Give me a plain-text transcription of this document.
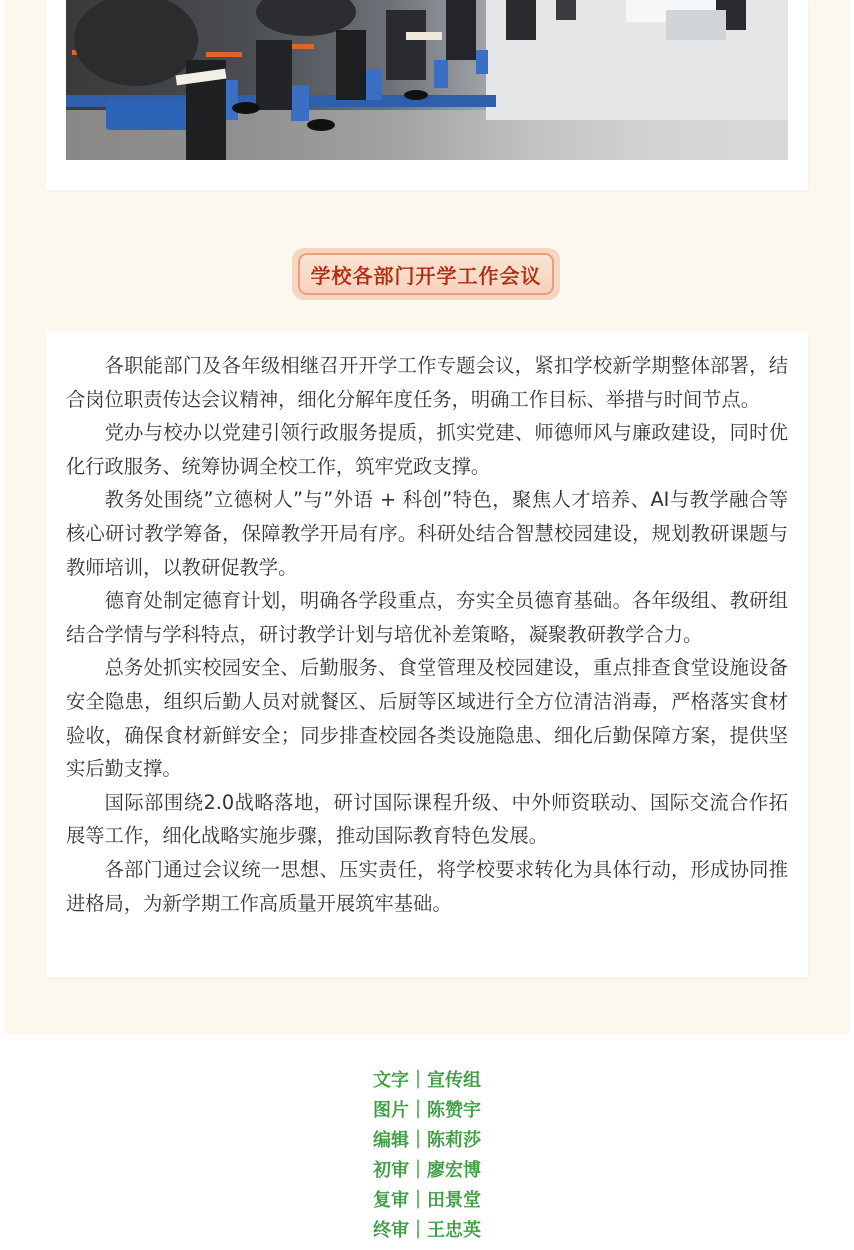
学校各部门开学工作会议

各职能部门及各年级相继召开开学工作专题会议，紧扣学校新学期整体部署，结合岗位职责传达会议精神，细化分解年度任务，明确工作目标、举措与时间节点。

党办与校办以党建引领行政服务提质，抓实党建、师德师风与廉政建设，同时优化行政服务、统筹协调全校工作，筑牢党政支撑。

教务处围绕”立德树人”与”外语 + 科创”特色，聚焦人才培养、AI与教学融合等核心研讨教学筹备，保障教学开局有序。科研处结合智慧校园建设，规划教研课题与教师培训，以教研促教学。

德育处制定德育计划，明确各学段重点，夯实全员德育基础。各年级组、教研组结合学情与学科特点，研讨教学计划与培优补差策略，凝聚教研教学合力。

总务处抓实校园安全、后勤服务、食堂管理及校园建设，重点排查食堂设施设备安全隐患，组织后勤人员对就餐区、后厨等区域进行全方位清洁消毒，严格落实食材验收，确保食材新鲜安全；同步排查校园各类设施隐患、细化后勤保障方案，提供坚实后勤支撑。

国际部围绕2.0战略落地，研讨国际课程升级、中外师资联动、国际交流合作拓展等工作，细化战略实施步骤，推动国际教育特色发展。

各部门通过会议统一思想、压实责任，将学校要求转化为具体行动，形成协同推进格局，为新学期工作高质量开展筑牢基础。

文字｜宣传组
图片｜陈赞宇
编辑｜陈莉莎
初审｜廖宏博
复审｜田景堂
终审｜王忠英
